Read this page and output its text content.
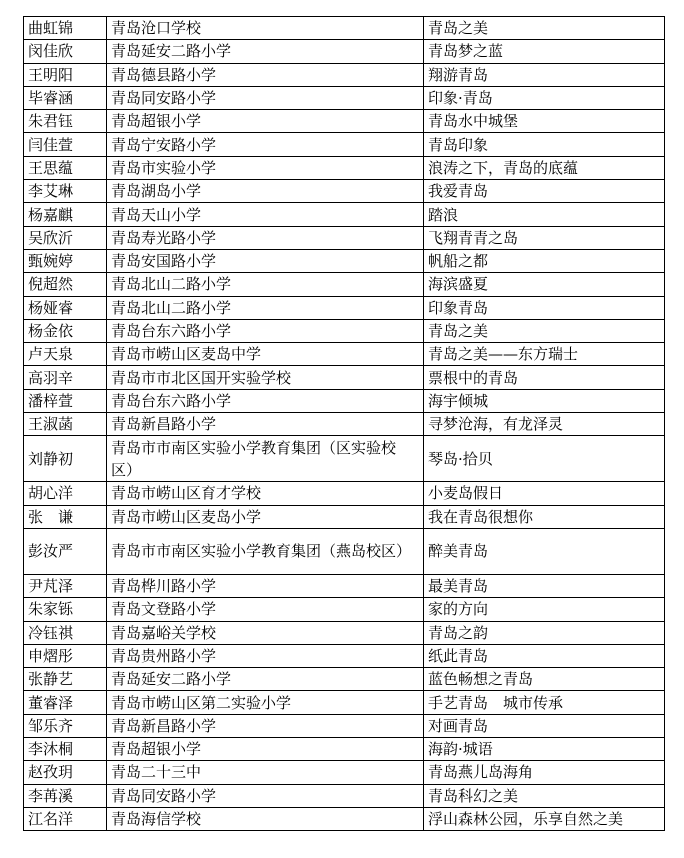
曲虹锦	青岛沧口学校	青岛之美
闵佳欣	青岛延安二路小学	青岛梦之蓝
王明阳	青岛德县路小学	翔游青岛
毕睿涵	青岛同安路小学	印象·青岛
朱君钰	青岛超银小学	青岛水中城堡
闫佳萱	青岛宁安路小学	青岛印象
王思蕴	青岛市实验小学	浪涛之下，青岛的底蕴
李艾琳	青岛湖岛小学	我爱青岛
杨嘉麒	青岛天山小学	踏浪
吴欣沂	青岛寿光路小学	飞翔青青之岛
甄婉婷	青岛安国路小学	帆船之都
倪超然	青岛北山二路小学	海滨盛夏
杨娅睿	青岛北山二路小学	印象青岛
杨金依	青岛台东六路小学	青岛之美
卢天泉	青岛市崂山区麦岛中学	青岛之美——东方瑞士
高羽辛	青岛市市北区国开实验学校	票根中的青岛
潘梓萱	青岛台东六路小学	海宇倾城
王淑菡	青岛新昌路小学	寻梦沧海，有龙泽灵
刘静初	青岛市市南区实验小学教育集团（区实验校区）	琴岛·拾贝
胡心洋	青岛市崂山区育才学校	小麦岛假日
张　谦	青岛市崂山区麦岛小学	我在青岛很想你
彭汝严	青岛市市南区实验小学教育集团（燕岛校区）	醉美青岛
尹芃泽	青岛桦川路小学	最美青岛
朱家铄	青岛文登路小学	家的方向
冷钰祺	青岛嘉峪关学校	青岛之韵
申熠彤	青岛贵州路小学	纸此青岛
张静艺	青岛延安二路小学	蓝色畅想之青岛
董睿泽	青岛市崂山区第二实验小学	手艺青岛　城市传承
邹乐齐	青岛新昌路小学	对画青岛
李沐桐	青岛超银小学	海韵·城语
赵孜玥	青岛二十三中	青岛燕儿岛海角
李苒溪	青岛同安路小学	青岛科幻之美
江名洋	青岛海信学校	浮山森林公园，乐享自然之美
